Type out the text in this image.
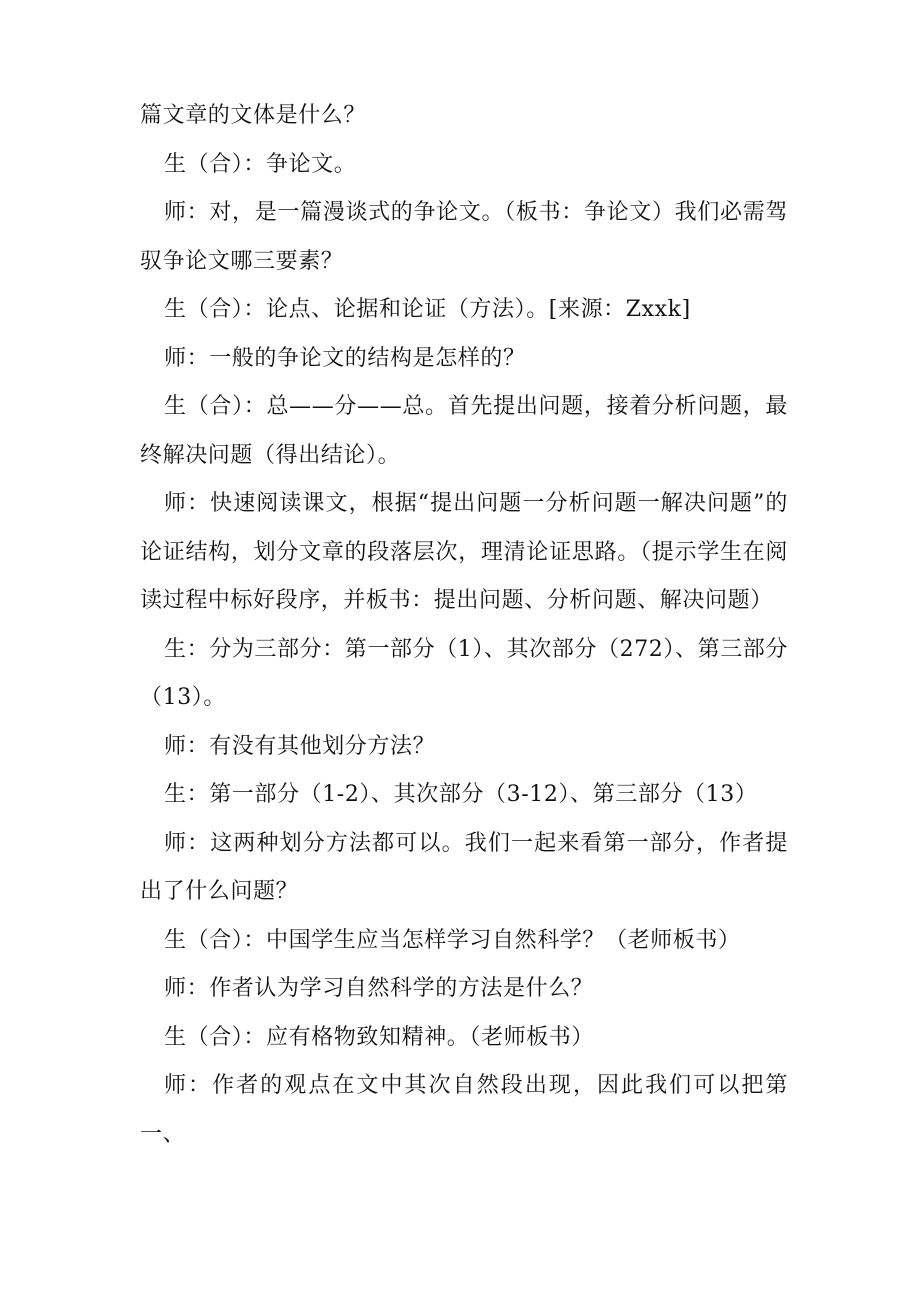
篇文章的文体是什么？

生（合）：争论文。

师：对，是一篇漫谈式的争论文。（板书：争论文）我们必需驾驭争论文哪三要素？

生（合）：论点、论据和论证（方法）。[来源：Zxxk]

师：一般的争论文的结构是怎样的？

生（合）：总——分——总。首先提出问题，接着分析问题，最终解决问题（得出结论）。

师：快速阅读课文，根据“提出问题一分析问题一解决问题”的论证结构，划分文章的段落层次，理清论证思路。（提示学生在阅读过程中标好段序，并板书：提出问题、分析问题、解决问题）

生：分为三部分：第一部分（1）、其次部分（272）、第三部分（13）。

师：有没有其他划分方法？

生：第一部分（1-2）、其次部分（3-12）、第三部分（13）

师：这两种划分方法都可以。我们一起来看第一部分，作者提出了什么问题？

生（合）：中国学生应当怎样学习自然科学？（老师板书）

师：作者认为学习自然科学的方法是什么？

生（合）：应有格物致知精神。（老师板书）

师：作者的观点在文中其次自然段出现，因此我们可以把第一、
